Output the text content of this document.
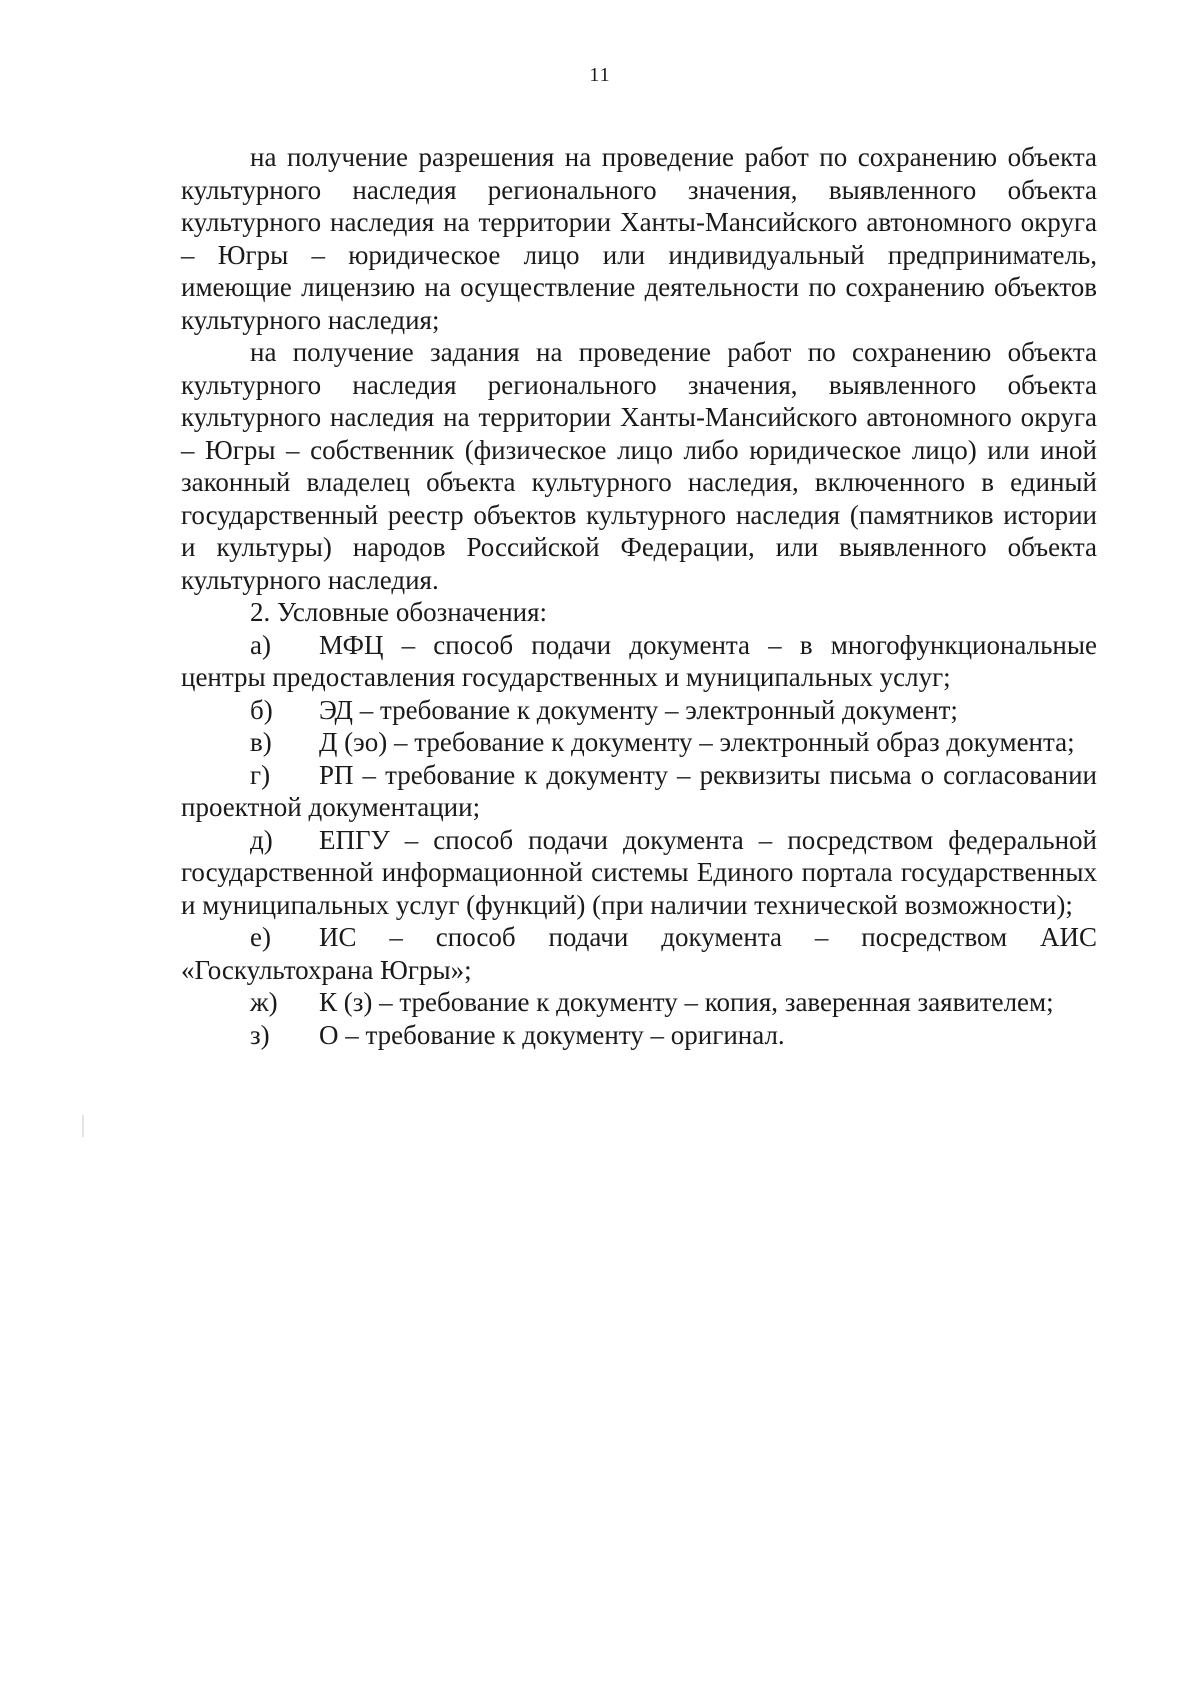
11

на получение разрешения на проведение работ по сохранению объекта культурного наследия регионального значения, выявленного объекта культурного наследия на территории Ханты-Мансийского автономного округа – Югры – юридическое лицо или индивидуальный предприниматель, имеющие лицензию на осуществление деятельности по сохранению объектов культурного наследия;

на получение задания на проведение работ по сохранению объекта культурного наследия регионального значения, выявленного объекта культурного наследия на территории Ханты-Мансийского автономного округа – Югры – собственник (физическое лицо либо юридическое лицо) или иной законный владелец объекта культурного наследия, включенного в единый государственный реестр объектов культурного наследия (памятников истории и культуры) народов Российской Федерации, или выявленного объекта культурного наследия.

2. Условные обозначения:

а) МФЦ – способ подачи документа – в многофункциональные центры предоставления государственных и муниципальных услуг;

б) ЭД – требование к документу – электронный документ;

в) Д (эо) – требование к документу – электронный образ документа;

г) РП – требование к документу – реквизиты письма о согласовании проектной документации;

д) ЕПГУ – способ подачи документа – посредством федеральной государственной информационной системы Единого портала государственных и муниципальных услуг (функций) (при наличии технической возможности);

е) ИС – способ подачи документа – посредством АИС «Госкультохрана Югры»;

ж) К (з) – требование к документу – копия, заверенная заявителем;

з) О – требование к документу – оригинал.
